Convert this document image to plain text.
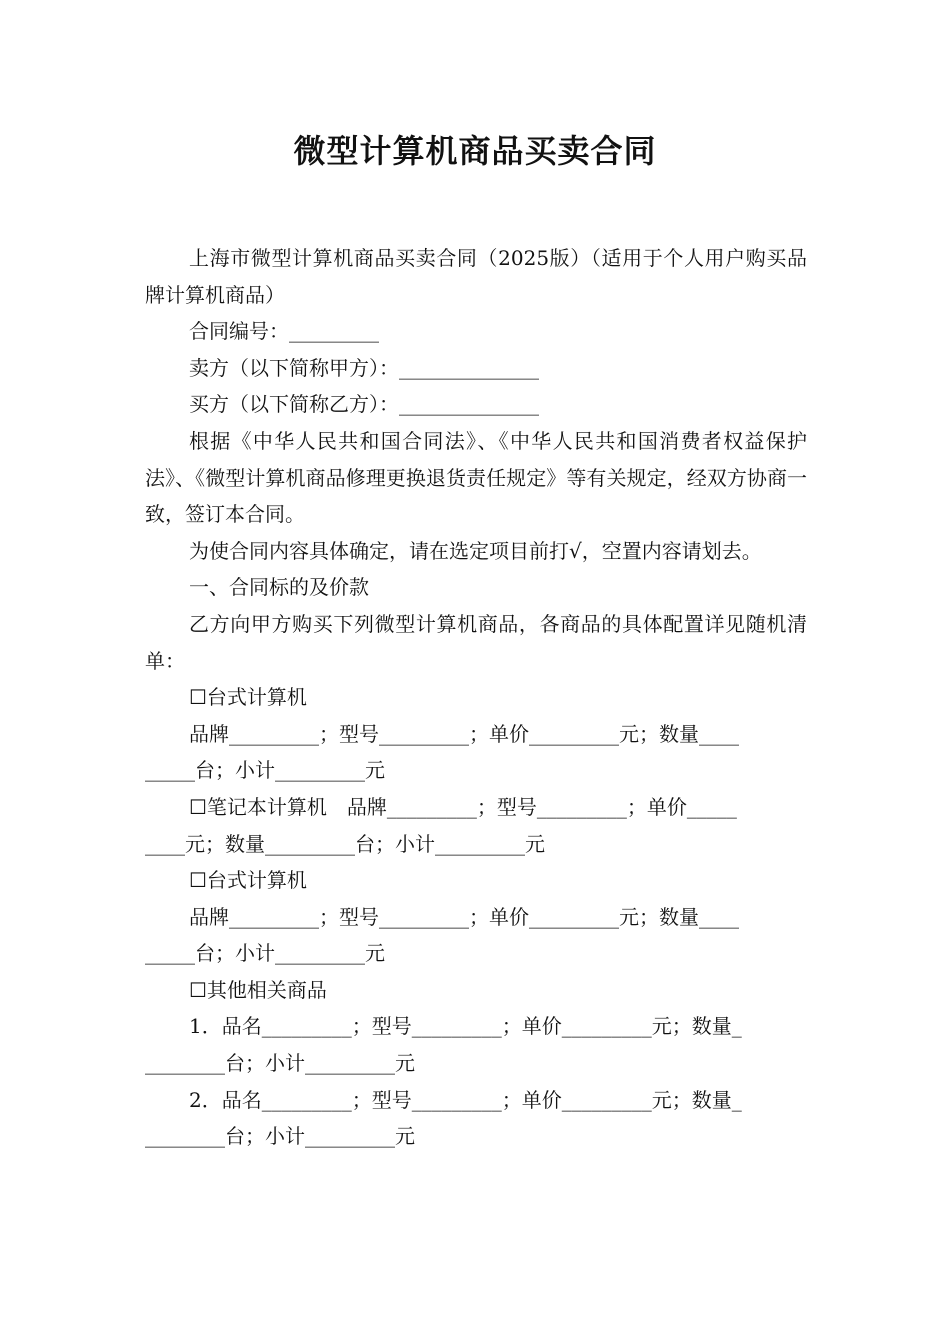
微型计算机商品买卖合同

上海市微型计算机商品买卖合同（2025版）（适用于个人用户购买品牌计算机商品）

合同编号：_________

卖方（以下简称甲方）：______________

买方（以下简称乙方）：______________

根据《中华人民共和国合同法》、《中华人民共和国消费者权益保护法》、《微型计算机商品修理更换退货责任规定》等有关规定，经双方协商一致，签订本合同。

为使合同内容具体确定，请在选定项目前打√，空置内容请划去。

一、合同标的及价款

乙方向甲方购买下列微型计算机商品，各商品的具体配置详见随机清单：

☐台式计算机

品牌_________；型号_________；单价_________元；数量____

_____台；小计_________元

☐笔记本计算机　品牌_________；型号_________；单价_____

____元；数量_________台；小计_________元

☐台式计算机

品牌_________；型号_________；单价_________元；数量____

_____台；小计_________元

☐其他相关商品

1．品名_________；型号_________；单价_________元；数量_

________台；小计_________元

2．品名_________；型号_________；单价_________元；数量_

________台；小计_________元
